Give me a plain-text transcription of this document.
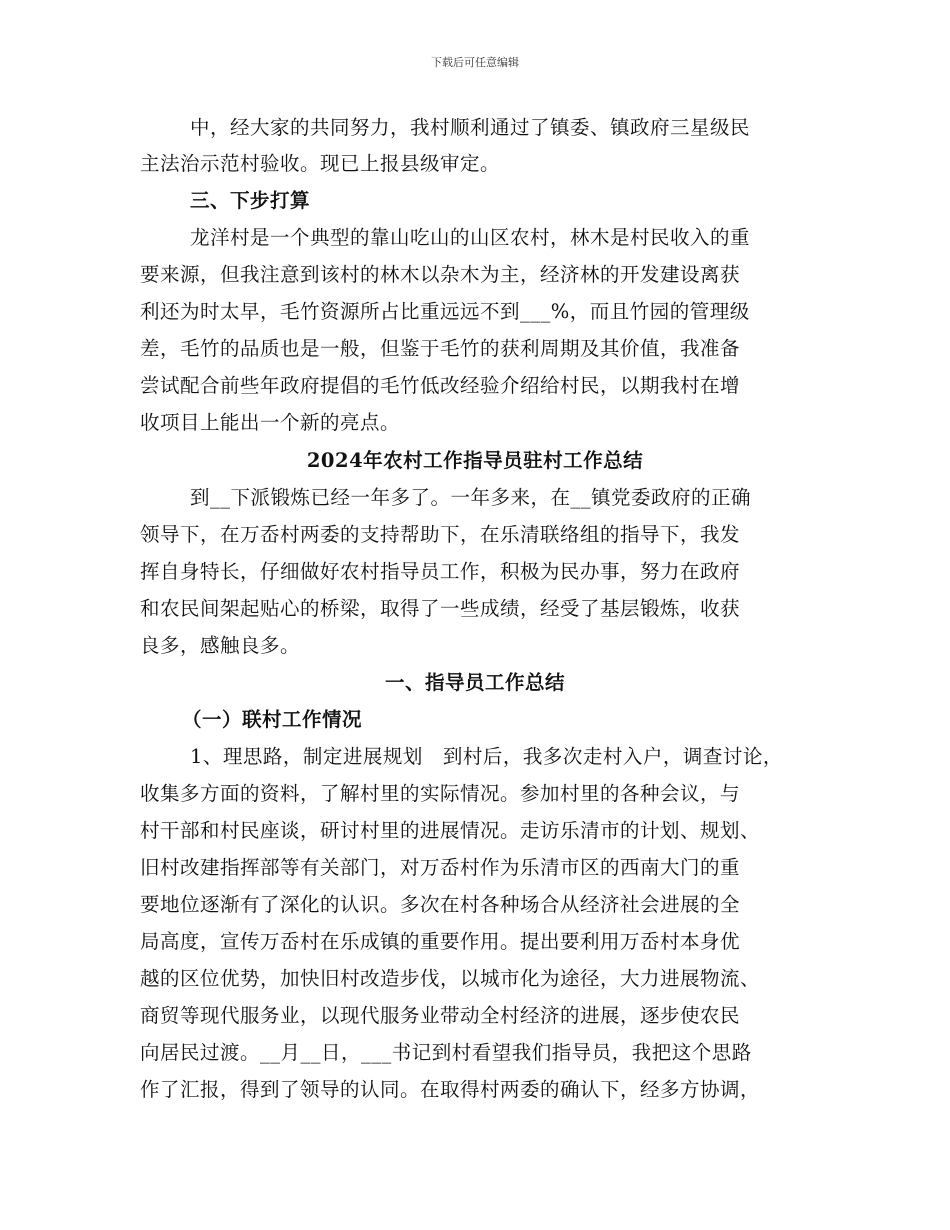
下载后可任意编辑
中，经大家的共同努力，我村顺利通过了镇委、镇政府三星级民
主法治示范村验收。现已上报县级审定。
三、下步打算
龙洋村是一个典型的靠山吃山的山区农村，林木是村民收入的重
要来源，但我注意到该村的林木以杂木为主，经济林的开发建设离获
利还为时太早，毛竹资源所占比重远远不到___%，而且竹园的管理级
差，毛竹的品质也是一般，但鉴于毛竹的获利周期及其价值，我准备
尝试配合前些年政府提倡的毛竹低改经验介绍给村民，以期我村在增
收项目上能出一个新的亮点。
2024年农村工作指导员驻村工作总结
到__下派锻炼已经一年多了。一年多来，在__镇党委政府的正确
领导下，在万岙村两委的支持帮助下，在乐清联络组的指导下，我发
挥自身特长，仔细做好农村指导员工作，积极为民办事，努力在政府
和农民间架起贴心的桥梁，取得了一些成绩，经受了基层锻炼，收获
良多，感触良多。
一、指导员工作总结
（一）联村工作情况
1、理思路，制定进展规划　到村后，我多次走村入户，调查讨论，
收集多方面的资料，了解村里的实际情况。参加村里的各种会议，与
村干部和村民座谈，研讨村里的进展情况。走访乐清市的计划、规划、
旧村改建指挥部等有关部门，对万岙村作为乐清市区的西南大门的重
要地位逐渐有了深化的认识。多次在村各种场合从经济社会进展的全
局高度，宣传万岙村在乐成镇的重要作用。提出要利用万岙村本身优
越的区位优势，加快旧村改造步伐，以城市化为途径，大力进展物流、
商贸等现代服务业，以现代服务业带动全村经济的进展，逐步使农民
向居民过渡。__月__日，___书记到村看望我们指导员，我把这个思路
作了汇报，得到了领导的认同。在取得村两委的确认下，经多方协调，
